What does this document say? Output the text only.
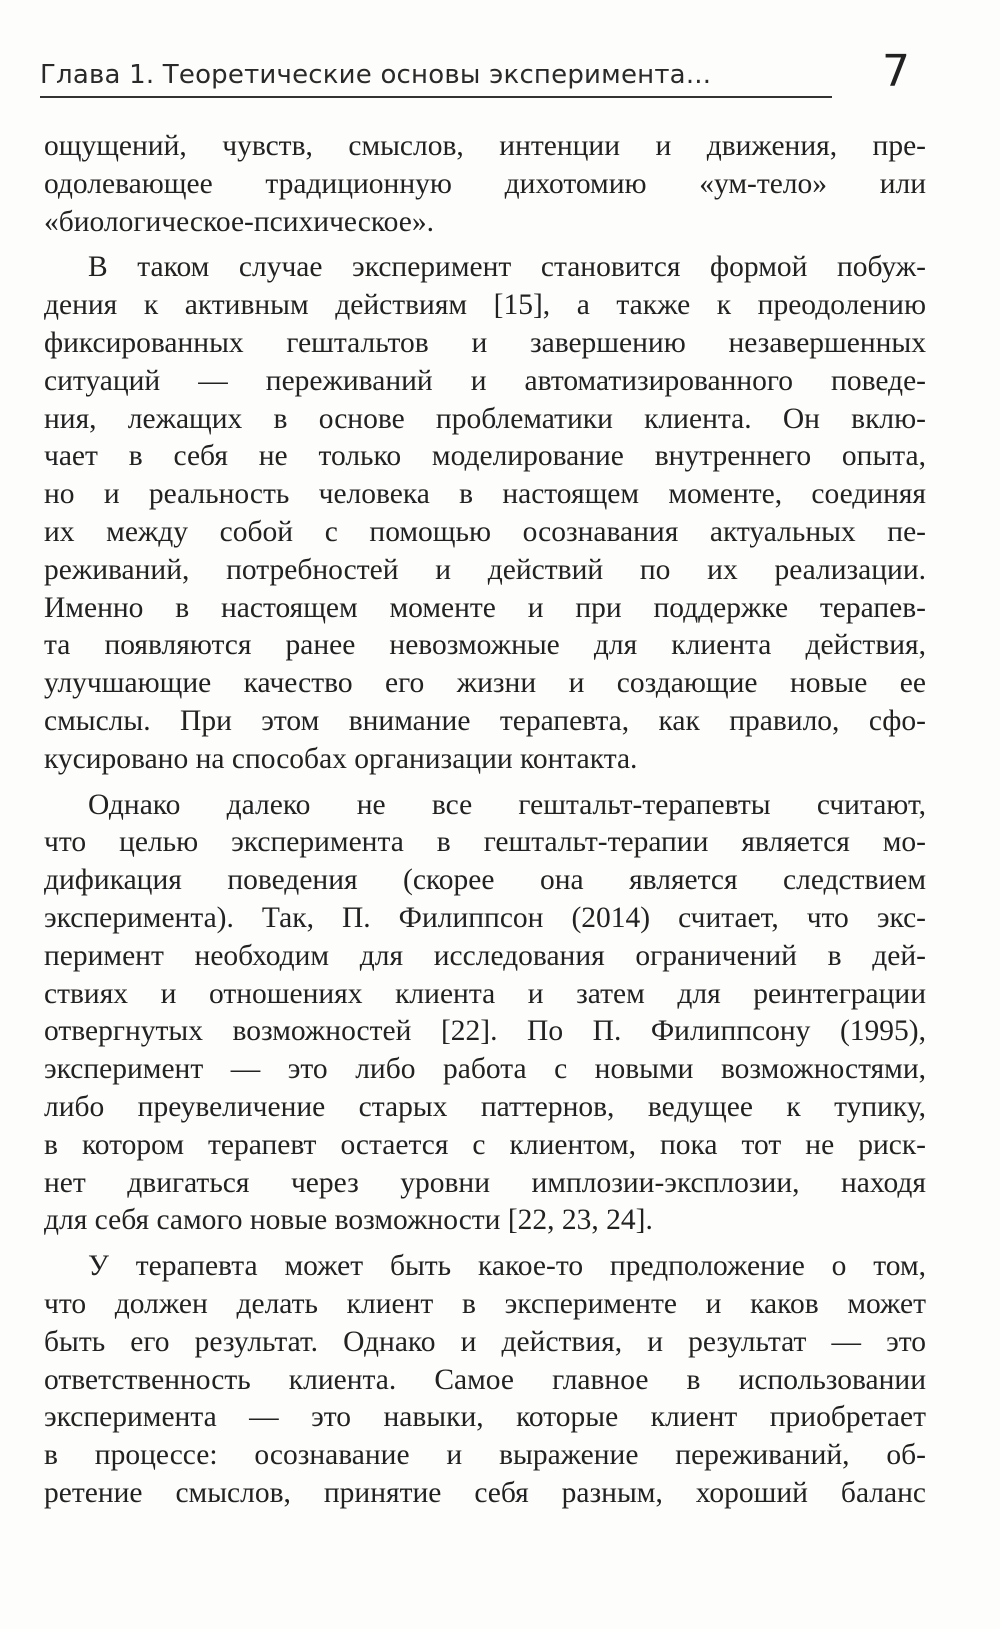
Глава 1. Теоретические основы эксперимента...	7
ощущений, чувств, смыслов, интенции и движения, пре-
одолевающее традиционную дихотомию «ум-тело» или
«биологическое-психическое».
В таком случае эксперимент становится формой побуж-
дения к активным действиям [15], а также к преодолению
фиксированных гештальтов и завершению незавершенных
ситуаций — переживаний и автоматизированного поведе-
ния, лежащих в основе проблематики клиента. Он вклю-
чает в себя не только моделирование внутреннего опыта,
но и реальность человека в настоящем моменте, соединяя
их между собой с помощью осознавания актуальных пе-
реживаний, потребностей и действий по их реализации.
Именно в настоящем моменте и при поддержке терапев-
та появляются ранее невозможные для клиента действия,
улучшающие качество его жизни и создающие новые ее
смыслы. При этом внимание терапевта, как правило, сфо-
кусировано на способах организации контакта.
Однако далеко не все гештальт-терапевты считают,
что целью эксперимента в гештальт-терапии является мо-
дификация поведения (скорее она является следствием
эксперимента). Так, П. Филиппсон (2014) считает, что экс-
перимент необходим для исследования ограничений в дей-
ствиях и отношениях клиента и затем для реинтеграции
отвергнутых возможностей [22]. По П. Филиппсону (1995),
эксперимент — это либо работа с новыми возможностями,
либо преувеличение старых паттернов, ведущее к тупику,
в котором терапевт остается с клиентом, пока тот не риск-
нет двигаться через уровни имплозии-эксплозии, находя
для себя самого новые возможности [22, 23, 24].
У терапевта может быть какое-то предположение о том,
что должен делать клиент в эксперименте и каков может
быть его результат. Однако и действия, и результат — это
ответственность клиента. Самое главное в использовании
эксперимента — это навыки, которые клиент приобретает
в процессе: осознавание и выражение переживаний, об-
ретение смыслов, принятие себя разным, хороший баланс
